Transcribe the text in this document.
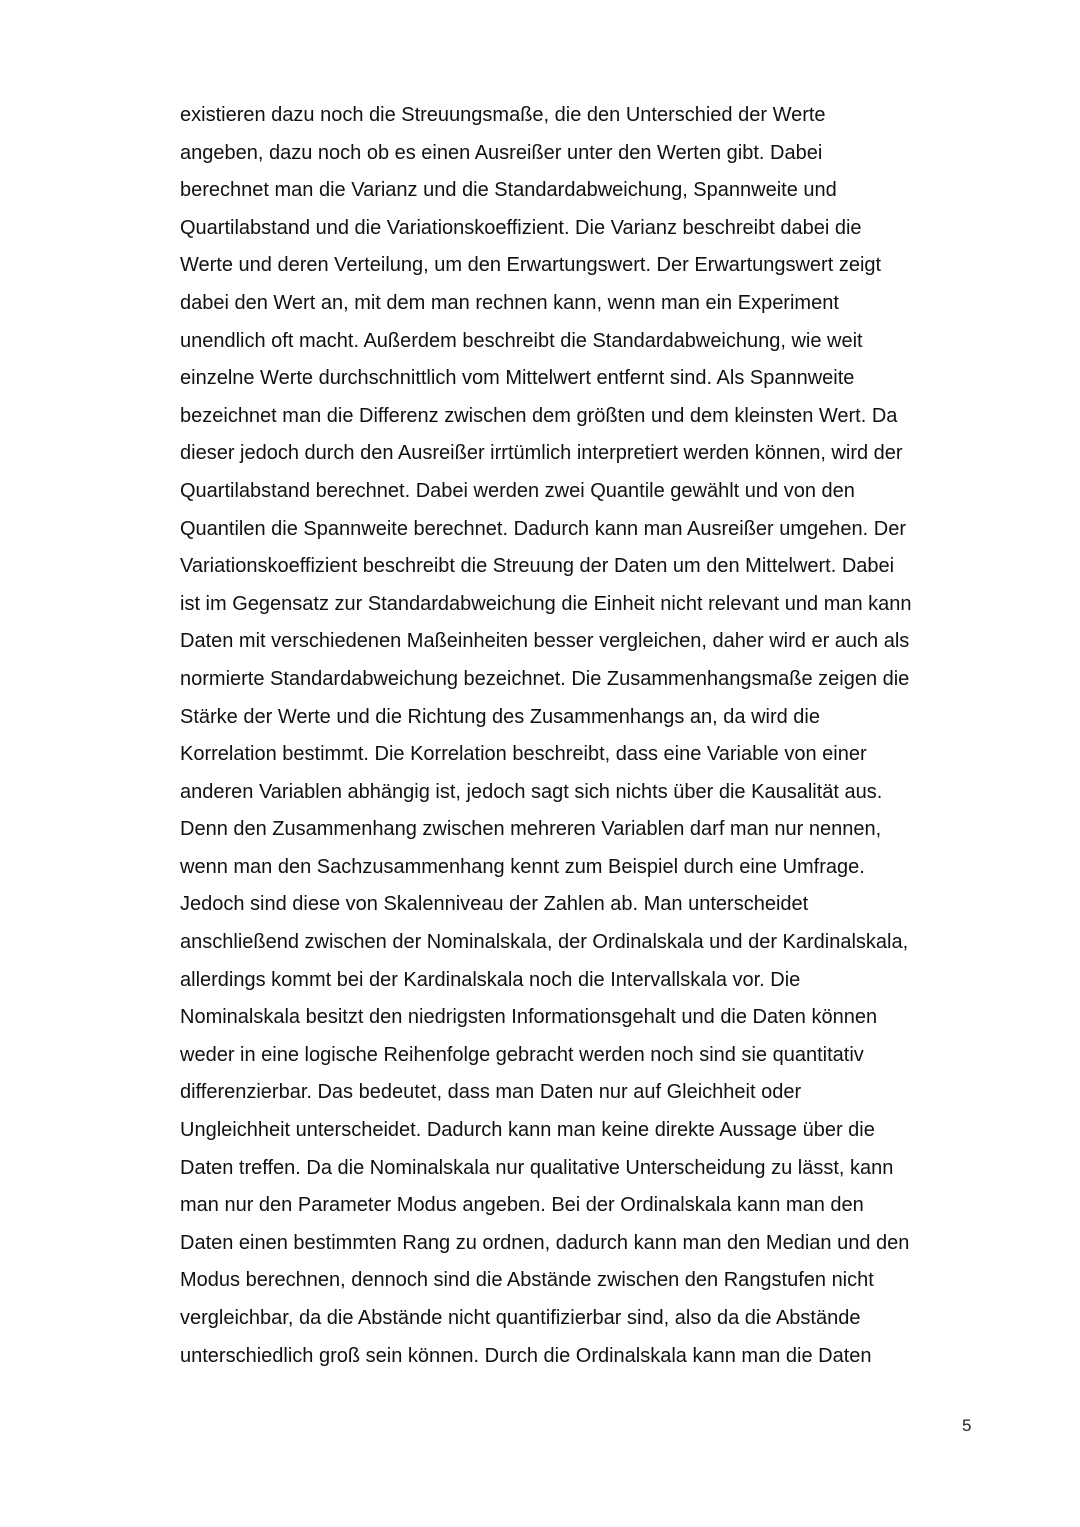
existieren dazu noch die Streuungsmaße, die den Unterschied der Werte
angeben, dazu noch ob es einen Ausreißer unter den Werten gibt. Dabei
berechnet man die Varianz und die Standardabweichung, Spannweite und
Quartilabstand und die Variationskoeffizient. Die Varianz beschreibt dabei die
Werte und deren Verteilung, um den Erwartungswert. Der Erwartungswert zeigt
dabei den Wert an, mit dem man rechnen kann, wenn man ein Experiment
unendlich oft macht. Außerdem beschreibt die Standardabweichung, wie weit
einzelne Werte durchschnittlich vom Mittelwert entfernt sind. Als Spannweite
bezeichnet man die Differenz zwischen dem größten und dem kleinsten Wert. Da
dieser jedoch durch den Ausreißer irrtümlich interpretiert werden können, wird der
Quartilabstand berechnet. Dabei werden zwei Quantile gewählt und von den
Quantilen die Spannweite berechnet. Dadurch kann man Ausreißer umgehen. Der
Variationskoeffizient beschreibt die Streuung der Daten um den Mittelwert. Dabei
ist im Gegensatz zur Standardabweichung die Einheit nicht relevant und man kann
Daten mit verschiedenen Maßeinheiten besser vergleichen, daher wird er auch als
normierte Standardabweichung bezeichnet. Die Zusammenhangsmaße zeigen die
Stärke der Werte und die Richtung des Zusammenhangs an, da wird die
Korrelation bestimmt. Die Korrelation beschreibt, dass eine Variable von einer
anderen Variablen abhängig ist, jedoch sagt sich nichts über die Kausalität aus.
Denn den Zusammenhang zwischen mehreren Variablen darf man nur nennen,
wenn man den Sachzusammenhang kennt zum Beispiel durch eine Umfrage.
Jedoch sind diese von Skalenniveau der Zahlen ab. Man unterscheidet
anschließend zwischen der Nominalskala, der Ordinalskala und der Kardinalskala,
allerdings kommt bei der Kardinalskala noch die Intervallskala vor. Die
Nominalskala besitzt den niedrigsten Informationsgehalt und die Daten können
weder in eine logische Reihenfolge gebracht werden noch sind sie quantitativ
differenzierbar. Das bedeutet, dass man Daten nur auf Gleichheit oder
Ungleichheit unterscheidet. Dadurch kann man keine direkte Aussage über die
Daten treffen. Da die Nominalskala nur qualitative Unterscheidung zu lässt, kann
man nur den Parameter Modus angeben. Bei der Ordinalskala kann man den
Daten einen bestimmten Rang zu ordnen, dadurch kann man den Median und den
Modus berechnen, dennoch sind die Abstände zwischen den Rangstufen nicht
vergleichbar, da die Abstände nicht quantifizierbar sind, also da die Abstände
unterschiedlich groß sein können. Durch die Ordinalskala kann man die Daten

5
